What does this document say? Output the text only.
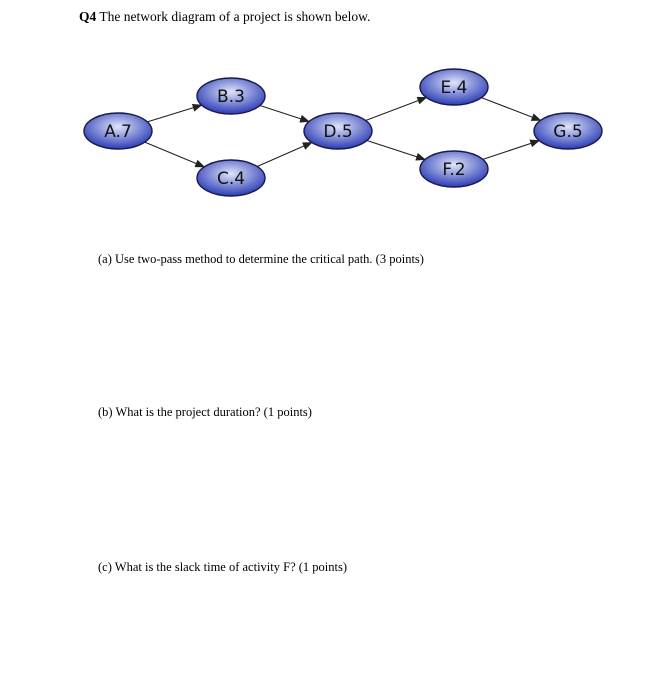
Q4 The network diagram of a project is shown below.
A.7
B.3
C.4
D.5
E.4
F.2
G.5
(a) Use two-pass method to determine the critical path. (3 points)
(b) What is the project duration? (1 points)
(c) What is the slack time of activity F? (1 points)
